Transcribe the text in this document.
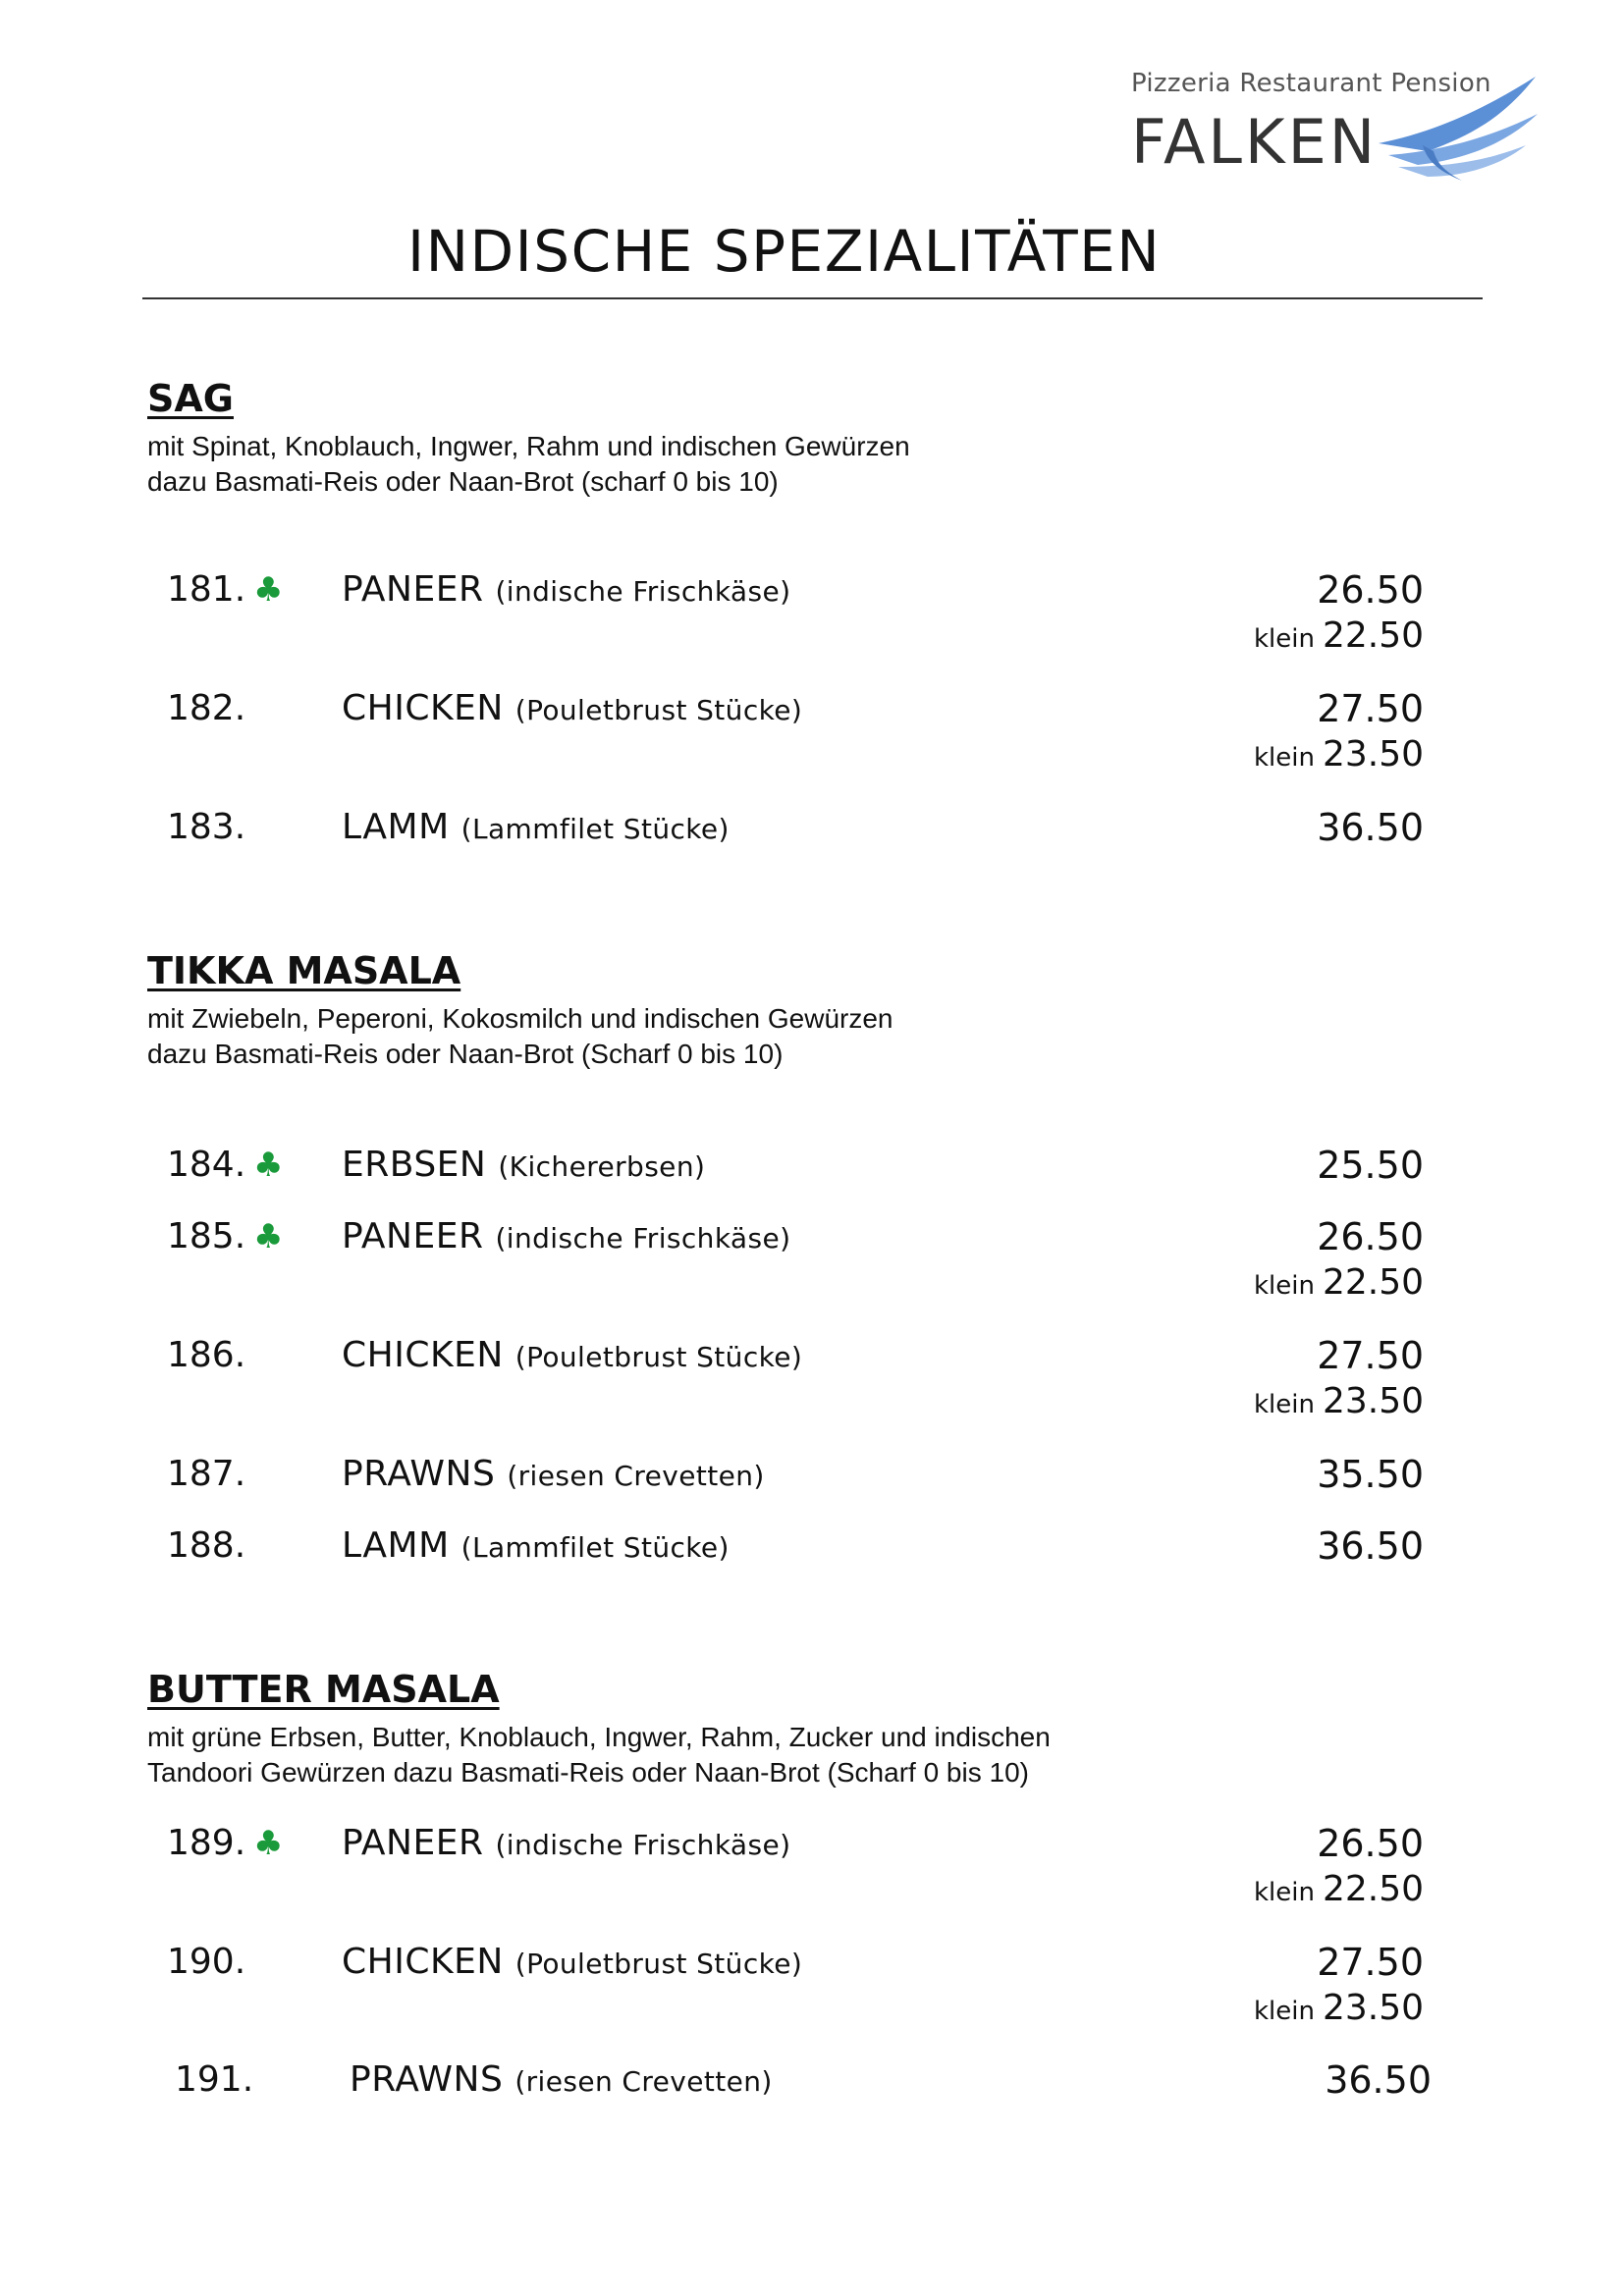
Pizzeria Restaurant Pension
FALKEN
INDISCHE SPEZIALITÄTEN
SAG
mit Spinat, Knoblauch, Ingwer, Rahm und indischen Gewürzen
dazu Basmati-Reis oder Naan-Brot (scharf 0 bis 10)
181. ♣ PANEER (indische Frischkäse)	26.50
klein 22.50
182.	CHICKEN (Pouletbrust Stücke)	27.50
klein 23.50
183.	LAMM (Lammfilet Stücke)	36.50
TIKKA MASALA
mit Zwiebeln, Peperoni, Kokosmilch und indischen Gewürzen
dazu Basmati-Reis oder Naan-Brot (Scharf 0 bis 10)
184. ♣ ERBSEN (Kichererbsen)	25.50
185. ♣ PANEER (indische Frischkäse)	26.50
klein 22.50
186.	CHICKEN (Pouletbrust Stücke)	27.50
klein 23.50
187.	PRAWNS (riesen Crevetten)	35.50
188.	LAMM (Lammfilet Stücke)	36.50
BUTTER MASALA
mit grüne Erbsen, Butter, Knoblauch, Ingwer, Rahm, Zucker und indischen
Tandoori Gewürzen dazu Basmati-Reis oder Naan-Brot (Scharf 0 bis 10)
189. ♣ PANEER (indische Frischkäse)	26.50
klein 22.50
190.	CHICKEN (Pouletbrust Stücke)	27.50
klein 23.50
191.	PRAWNS (riesen Crevetten)	36.50
